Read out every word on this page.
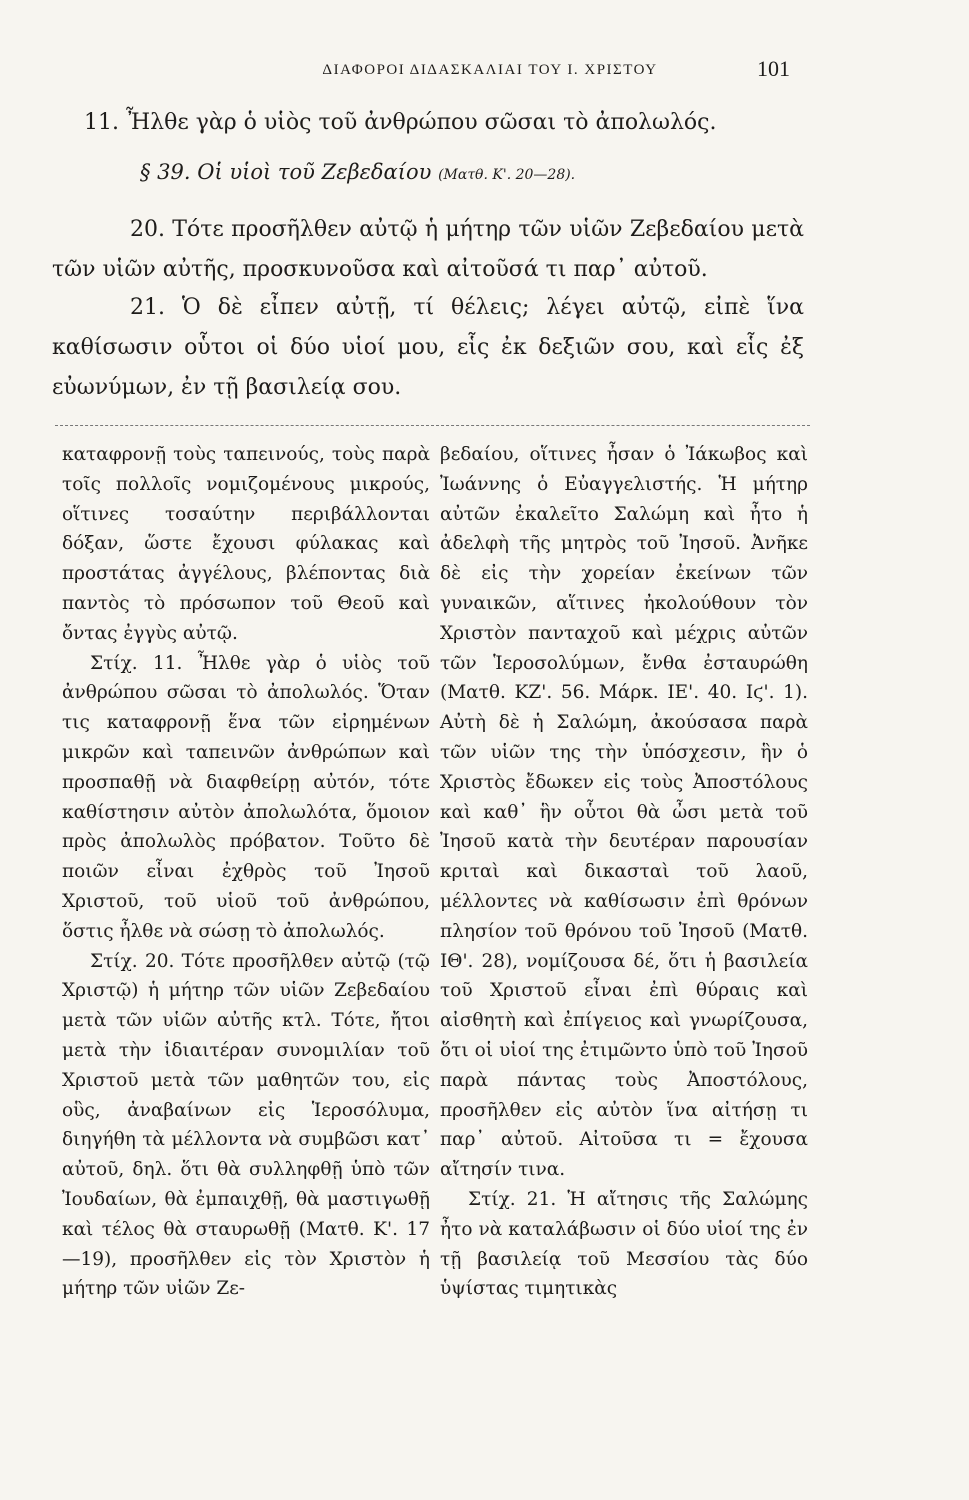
ΔΙΑΦΟΡΟΙ ΔΙΔΑΣΚΑΛΙΑΙ ΤΟΥ Ι. ΧΡΙΣΤΟΥ	101

11. Ἦλθε γὰρ ὁ υἱὸς τοῦ ἀνθρώπου σῶσαι τὸ ἀπολωλός.

§ 39. Οἱ υἱοὶ τοῦ Ζεβεδαίου (Ματθ. Κ'. 20—28).

20. Τότε προσῆλθεν αὐτῷ ἡ μήτηρ τῶν υἱῶν Ζεβεδαίου μετὰ τῶν υἱῶν αὐτῆς, προσκυνοῦσα καὶ αἰτοῦσά τι παρ᾽ αὐτοῦ.

21. Ὁ δὲ εἶπεν αὐτῇ, τί θέλεις; λέγει αὐτῷ, εἰπὲ ἵνα καθίσωσιν οὗτοι οἱ δύο υἱοί μου, εἷς ἐκ δεξιῶν σου, καὶ εἷς ἐξ εὐωνύμων, ἐν τῇ βασιλείᾳ σου.

καταφρονῇ τοὺς ταπεινούς, τοὺς παρὰ τοῖς πολλοῖς νομιζομένους μικρούς, οἵτινες τοσαύτην περιβάλλονται δόξαν, ὥστε ἔχουσι φύλακας καὶ προστάτας ἀγγέλους, βλέποντας διὰ παντὸς τὸ πρόσωπον τοῦ Θεοῦ καὶ ὄντας ἐγγὺς αὐτῷ.

Στίχ. 11. Ἦλθε γὰρ ὁ υἱὸς τοῦ ἀνθρώπου σῶσαι τὸ ἀπολωλός. Ὅταν τις καταφρονῇ ἕνα τῶν εἰρημένων μικρῶν καὶ ταπεινῶν ἀνθρώπων καὶ προσπαθῇ νὰ διαφθείρῃ αὐτόν, τότε καθίστησιν αὐτὸν ἀπολωλότα, ὅμοιον πρὸς ἀπολωλὸς πρόβατον. Τοῦτο δὲ ποιῶν εἶναι ἐχθρὸς τοῦ Ἰησοῦ Χριστοῦ, τοῦ υἱοῦ τοῦ ἀνθρώπου, ὅστις ἦλθε νὰ σώσῃ τὸ ἀπολωλός.

Στίχ. 20. Τότε προσῆλθεν αὐτῷ (τῷ Χριστῷ) ἡ μήτηρ τῶν υἱῶν Ζεβεδαίου μετὰ τῶν υἱῶν αὐτῆς κτλ. Τότε, ἤτοι μετὰ τὴν ἰδιαιτέραν συνομιλίαν τοῦ Χριστοῦ μετὰ τῶν μαθητῶν του, εἰς οὓς, ἀναβαίνων εἰς Ἱεροσόλυμα, διηγήθη τὰ μέλλοντα νὰ συμβῶσι κατ᾽ αὐτοῦ, δηλ. ὅτι θὰ συλληφθῇ ὑπὸ τῶν Ἰουδαίων, θὰ ἐμπαιχθῇ, θὰ μαστιγωθῇ καὶ τέλος θὰ σταυρωθῇ (Ματθ. Κ'. 17—19), προσῆλθεν εἰς τὸν Χριστὸν ἡ μήτηρ τῶν υἱῶν Ζε-

βεδαίου, οἵτινες ἦσαν ὁ Ἰάκωβος καὶ Ἰωάννης ὁ Εὐαγγελιστής. Ἡ μήτηρ αὐτῶν ἐκαλεῖτο Σαλώμη καὶ ἦτο ἡ ἀδελφὴ τῆς μητρὸς τοῦ Ἰησοῦ. Ἀνῆκε δὲ εἰς τὴν χορείαν ἐκείνων τῶν γυναικῶν, αἵτινες ἠκολούθουν τὸν Χριστὸν πανταχοῦ καὶ μέχρις αὐτῶν τῶν Ἱεροσολύμων, ἔνθα ἐσταυρώθη (Ματθ. ΚΖ'. 56. Μάρκ. ΙΕ'. 40. Ιϛ'. 1). Αὐτὴ δὲ ἡ Σαλώμη, ἀκούσασα παρὰ τῶν υἱῶν της τὴν ὑπόσχεσιν, ἣν ὁ Χριστὸς ἔδωκεν εἰς τοὺς Ἀποστόλους καὶ καθ᾽ ἣν οὗτοι θὰ ὦσι μετὰ τοῦ Ἰησοῦ κατὰ τὴν δευτέραν παρουσίαν κριταὶ καὶ δικασταὶ τοῦ λαοῦ, μέλλοντες νὰ καθίσωσιν ἐπὶ θρόνων πλησίον τοῦ θρόνου τοῦ Ἰησοῦ (Ματθ. ΙΘ'. 28), νομίζουσα δέ, ὅτι ἡ βασιλεία τοῦ Χριστοῦ εἶναι ἐπὶ θύραις καὶ αἰσθητὴ καὶ ἐπίγειος καὶ γνωρίζουσα, ὅτι οἱ υἱοί της ἐτιμῶντο ὑπὸ τοῦ Ἰησοῦ παρὰ πάντας τοὺς Ἀποστόλους, προσῆλθεν εἰς αὐτὸν ἵνα αἰτήσῃ τι παρ᾽ αὐτοῦ. Αἰτοῦσα τι = ἔχουσα αἴτησίν τινα.

Στίχ. 21. Ἡ αἴτησις τῆς Σαλώμης ἦτο νὰ καταλάβωσιν οἱ δύο υἱοί της ἐν τῇ βασιλείᾳ τοῦ Μεσσίου τὰς δύο ὑψίστας τιμητικὰς
